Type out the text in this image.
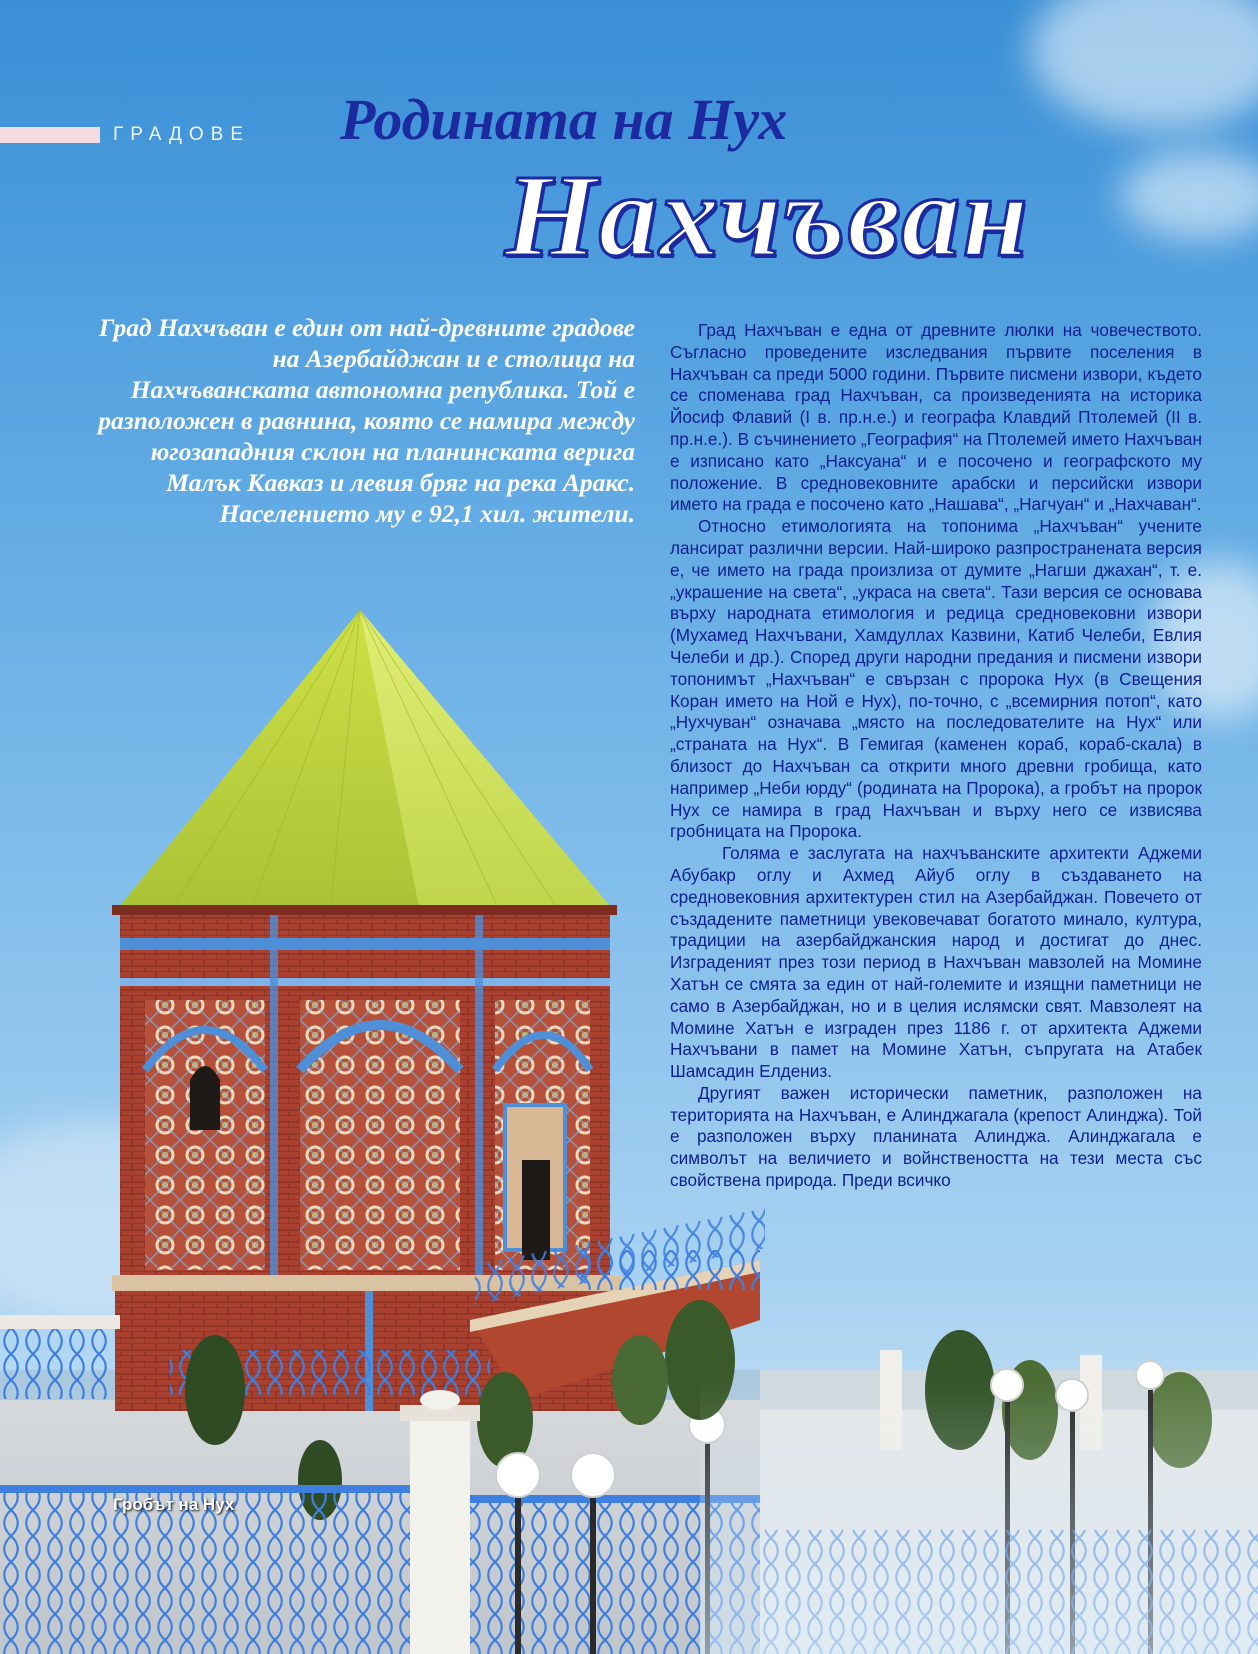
ГРАДОВЕ Родината на Нух
Нахчъван

Град Нахчъван е един от най-древните градове на Азербайджан и е столица на Нахчъванската автономна република. Той е разположен в равнина, която се намира между югозападния склон на планинската верига Малък Кавказ и левия бряг на река Аракс. Населението му е 92,1 хил. жители.

Град Нахчъван е една от древните люлки на човечеството. Съгласно проведените изследвания първите поселения в Нахчъван са преди 5000 години. Първите писмени извори, където се споменава град Нахчъван, са произведенията на историка Йосиф Флавий (I в. пр.н.е.) и географа Клавдий Птолемей (II в. пр.н.е.). В съчинението „География“ на Птолемей името Нахчъван е изписано като „Наксуана“ и е посочено и географското му положение. В средновековните арабски и персийски извори името на града е посочено като „Нашава“, „Нагчуан“ и „Нахчаван“.

Относно етимологията на топонима „Нахчъван“ учените лансират различни версии. Най-широко разпространената версия е, че името на града произлиза от думите „Нагши джахан“, т. е. „украшение на света“, „украса на света“. Тази версия се основава върху народната етимология и редица средновековни извори (Мухамед Нахчъвани, Хамдуллах Казвини, Катиб Челеби, Евлия Челеби и др.). Според други народни предания и писмени извори топонимът „Нахчъван“ е свързан с пророка Нух (в Свещения Коран името на Ной е Нух), по-точно, с „всемирния потоп“, като „Нухчуван“ означава „място на последователите на Нух“ или „страната на Нух“. В Гемигая (каменен кораб, кораб-скала) в близост до Нахчъван са открити много древни гробища, като например „Неби юрду“ (родината на Пророка), а гробът на пророк Нух се намира в град Нахчъван и върху него се извисява гробницата на Пророка.

Голяма е заслугата на нахчъванските архитекти Аджеми Абубакр оглу и Ахмед Айуб оглу в създаването на средновековния архитектурен стил на Азербайджан. Повечето от създадените паметници увековечават богатото минало, култура, традиции на азербайджанския народ и достигат до днес. Изграденият през този период в Нахчъван мавзолей на Момине Хатън се смята за един от най-големите и изящни паметници не само в Азербайджан, но и в целия ислямски свят. Мавзолеят на Момине Хатън е изграден през 1186 г. от архитекта Аджеми Нахчъвани в памет на Момине Хатън, съпругата на Атабек Шамсадин Елдениз.

Другият важен исторически паметник, разположен на територията на Нахчъван, е Алинджагала (крепост Алинджа). Той е разположен върху планината Алинджа. Алинджагала е символът на величието и войнствеността на тези места със свойствена природа. Преди всичко

Гробът на Нух
